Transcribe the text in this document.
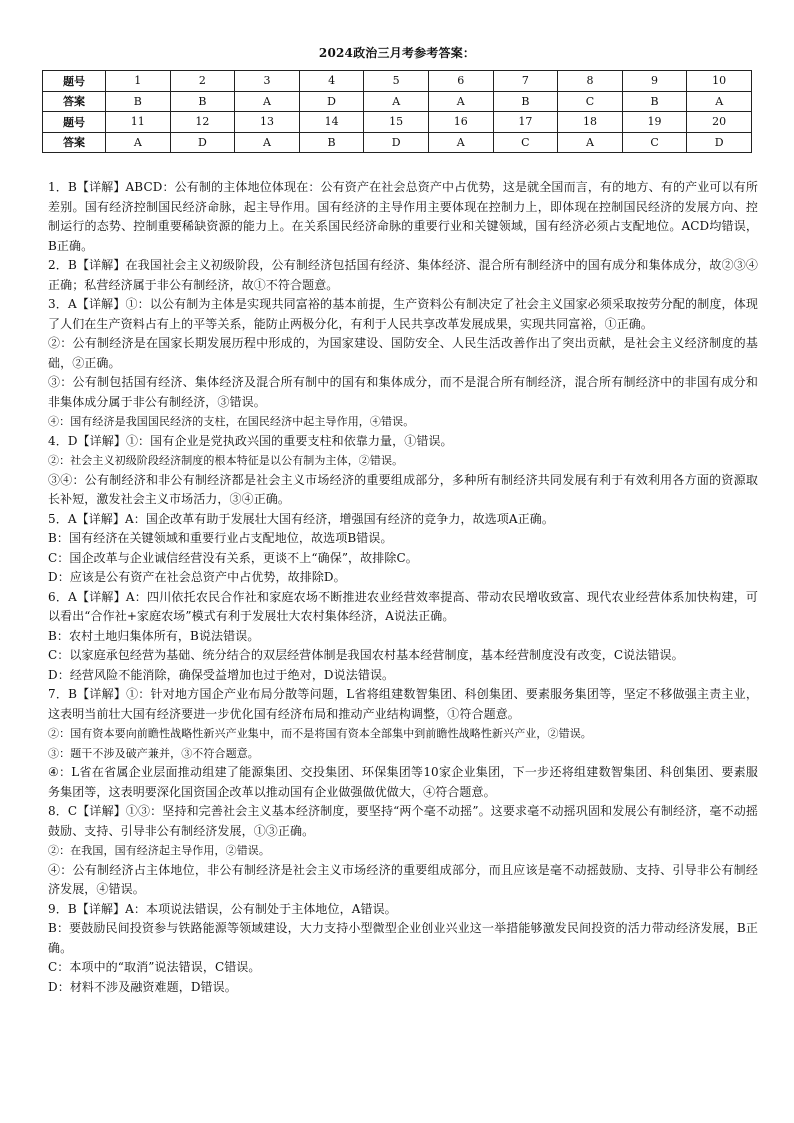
2024政治三月考参考答案：
题号	1	2	3	4	5	6	7	8	9	10
答案	B	B	A	D	A	A	B	C	B	A
题号	11	12	13	14	15	16	17	18	19	20
答案	A	D	A	B	D	A	C	A	C	D

1．B【详解】ABCD：公有制的主体地位体现在：公有资产在社会总资产中占优势，这是就全国而言，有的地方、有的产业可以有所差别。国有经济控制国民经济命脉，起主导作用。国有经济的主导作用主要体现在控制力上，即体现在控制国民经济的发展方向、控制运行的态势、控制重要稀缺资源的能力上。在关系国民经济命脉的重要行业和关键领域，国有经济必须占支配地位。ACD均错误，B正确。

2．B【详解】在我国社会主义初级阶段，公有制经济包括国有经济、集体经济、混合所有制经济中的国有成分和集体成分，故②③④正确；私营经济属于非公有制经济，故①不符合题意。

3．A【详解】①：以公有制为主体是实现共同富裕的基本前提，生产资料公有制决定了社会主义国家必须采取按劳分配的制度，体现了人们在生产资料占有上的平等关系，能防止两极分化，有利于人民共享改革发展成果，实现共同富裕，①正确。

②：公有制经济是在国家长期发展历程中形成的，为国家建设、国防安全、人民生活改善作出了突出贡献，是社会主义经济制度的基础，②正确。

③：公有制包括国有经济、集体经济及混合所有制中的国有和集体成分，而不是混合所有制经济，混合所有制经济中的非国有成分和非集体成分属于非公有制经济，③错误。

④：国有经济是我国国民经济的支柱，在国民经济中起主导作用，④错误。

4．D【详解】①：国有企业是党执政兴国的重要支柱和依靠力量，①错误。

②：社会主义初级阶段经济制度的根本特征是以公有制为主体，②错误。

③④：公有制经济和非公有制经济都是社会主义市场经济的重要组成部分，多种所有制经济共同发展有利于有效利用各方面的资源取长补短，激发社会主义市场活力，③④正确。

5．A【详解】A：国企改革有助于发展壮大国有经济，增强国有经济的竞争力，故选项A正确。

B：国有经济在关键领域和重要行业占支配地位，故选项B错误。

C：国企改革与企业诚信经营没有关系，更谈不上“确保”，故排除C。

D：应该是公有资产在社会总资产中占优势，故排除D。

6．A【详解】A：四川依托农民合作社和家庭农场不断推进农业经营效率提高、带动农民增收致富、现代农业经营体系加快构建，可以看出“合作社+家庭农场”模式有利于发展壮大农村集体经济，A说法正确。

B：农村土地归集体所有，B说法错误。

C：以家庭承包经营为基础、统分结合的双层经营体制是我国农村基本经营制度，基本经营制度没有改变，C说法错误。

D：经营风险不能消除，确保受益增加也过于绝对，D说法错误。

7．B【详解】①：针对地方国企产业布局分散等问题，L省将组建数智集团、科创集团、要素服务集团等，坚定不移做强主责主业，这表明当前壮大国有经济要进一步优化国有经济布局和推动产业结构调整，①符合题意。

②：国有资本要向前瞻性战略性新兴产业集中，而不是将国有资本全部集中到前瞻性战略性新兴产业，②错误。

③：题干不涉及破产兼并，③不符合题意。

④：L省在省属企业层面推动组建了能源集团、交投集团、环保集团等10家企业集团，下一步还将组建数智集团、科创集团、要素服务集团等，这表明要深化国资国企改革以推动国有企业做强做优做大，④符合题意。

8．C【详解】①③：坚持和完善社会主义基本经济制度，要坚持“两个毫不动摇”。这要求毫不动摇巩固和发展公有制经济，毫不动摇鼓励、支持、引导非公有制经济发展，①③正确。

②：在我国，国有经济起主导作用，②错误。

④：公有制经济占主体地位，非公有制经济是社会主义市场经济的重要组成部分，而且应该是毫不动摇鼓励、支持、引导非公有制经济发展，④错误。

9．B【详解】A：本项说法错误，公有制处于主体地位，A错误。

B：要鼓励民间投资参与铁路能源等领域建设，大力支持小型微型企业创业兴业这一举措能够激发民间投资的活力带动经济发展，B正确。

C：本项中的“取消”说法错误，C错误。

D：材料不涉及融资难题，D错误。
